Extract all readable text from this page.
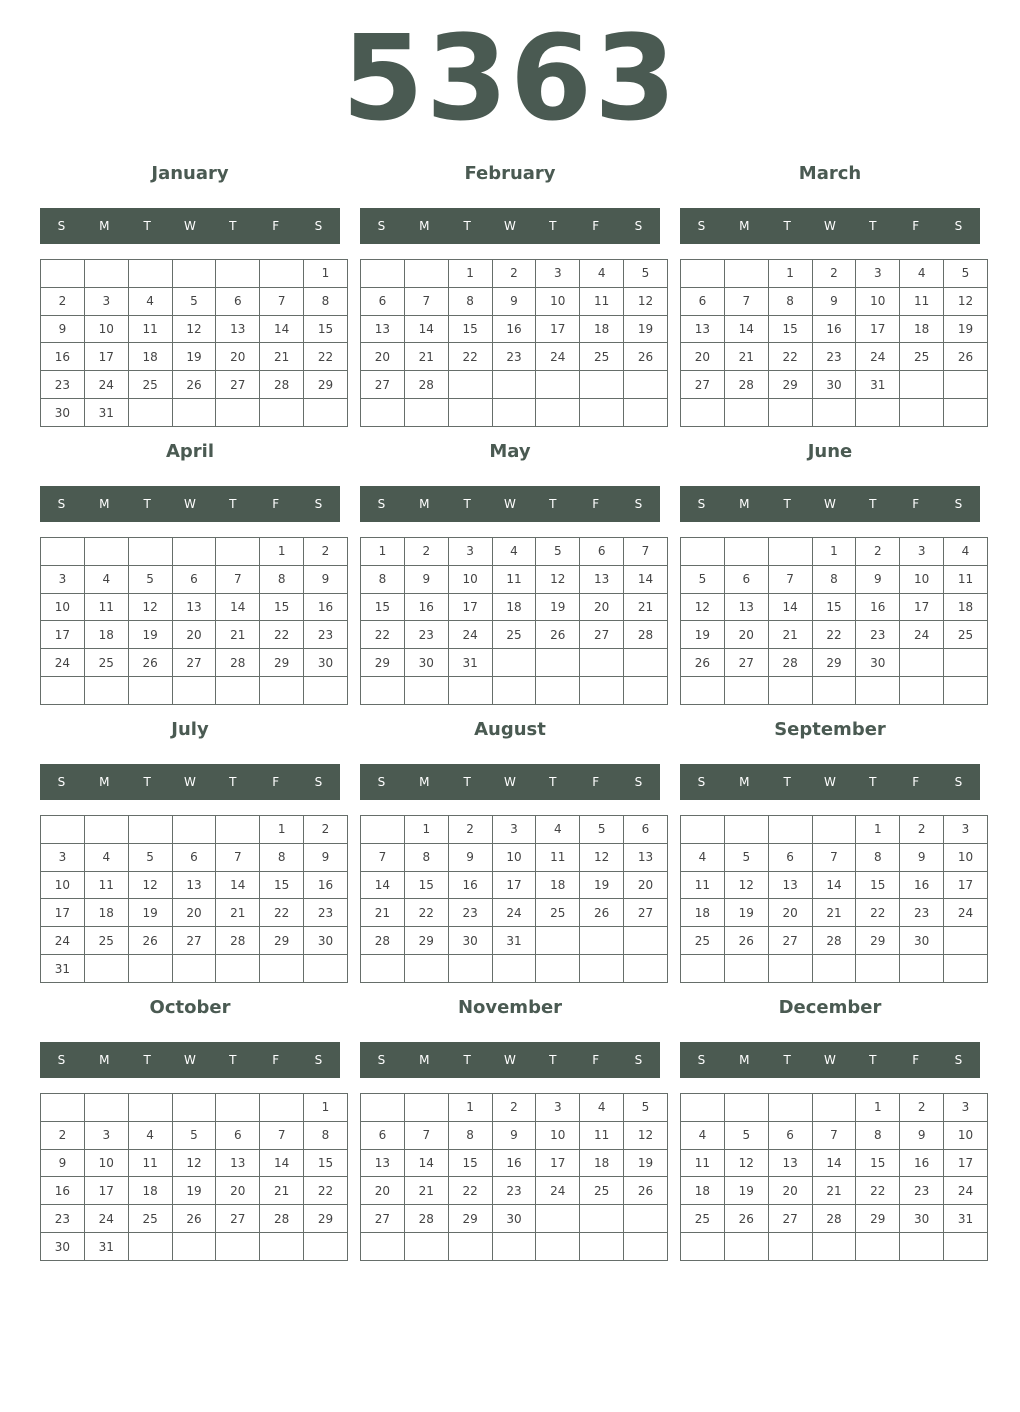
5363
January
S	M	T	W	T	F	S
						1
2	3	4	5	6	7	8
9	10	11	12	13	14	15
16	17	18	19	20	21	22
23	24	25	26	27	28	29
30	31					
February
S	M	T	W	T	F	S
		1	2	3	4	5
6	7	8	9	10	11	12
13	14	15	16	17	18	19
20	21	22	23	24	25	26
27	28					

March
S	M	T	W	T	F	S
		1	2	3	4	5
6	7	8	9	10	11	12
13	14	15	16	17	18	19
20	21	22	23	24	25	26
27	28	29	30	31		

April
S	M	T	W	T	F	S
					1	2
3	4	5	6	7	8	9
10	11	12	13	14	15	16
17	18	19	20	21	22	23
24	25	26	27	28	29	30

May
S	M	T	W	T	F	S
1	2	3	4	5	6	7
8	9	10	11	12	13	14
15	16	17	18	19	20	21
22	23	24	25	26	27	28
29	30	31				

June
S	M	T	W	T	F	S
			1	2	3	4
5	6	7	8	9	10	11
12	13	14	15	16	17	18
19	20	21	22	23	24	25
26	27	28	29	30		

July
S	M	T	W	T	F	S
					1	2
3	4	5	6	7	8	9
10	11	12	13	14	15	16
17	18	19	20	21	22	23
24	25	26	27	28	29	30
31						
August
S	M	T	W	T	F	S
	1	2	3	4	5	6
7	8	9	10	11	12	13
14	15	16	17	18	19	20
21	22	23	24	25	26	27
28	29	30	31			

September
S	M	T	W	T	F	S
				1	2	3
4	5	6	7	8	9	10
11	12	13	14	15	16	17
18	19	20	21	22	23	24
25	26	27	28	29	30	

October
S	M	T	W	T	F	S
						1
2	3	4	5	6	7	8
9	10	11	12	13	14	15
16	17	18	19	20	21	22
23	24	25	26	27	28	29
30	31					
November
S	M	T	W	T	F	S
		1	2	3	4	5
6	7	8	9	10	11	12
13	14	15	16	17	18	19
20	21	22	23	24	25	26
27	28	29	30			

December
S	M	T	W	T	F	S
				1	2	3
4	5	6	7	8	9	10
11	12	13	14	15	16	17
18	19	20	21	22	23	24
25	26	27	28	29	30	31
